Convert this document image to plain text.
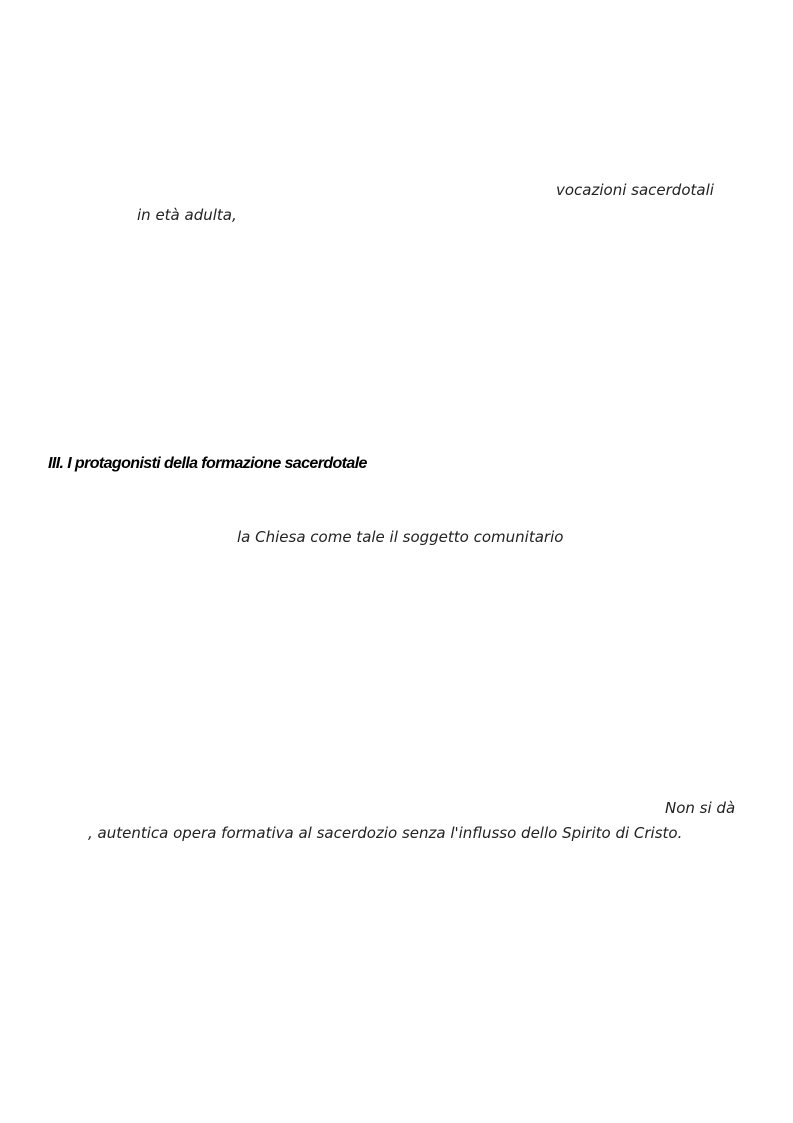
vocazioni sacerdotali
in età adulta,
III. I protagonisti della formazione sacerdotale
la Chiesa come tale il soggetto comunitario
Non si dà
, autentica opera formativa al sacerdozio senza l'influsso dello Spirito di Cristo.
